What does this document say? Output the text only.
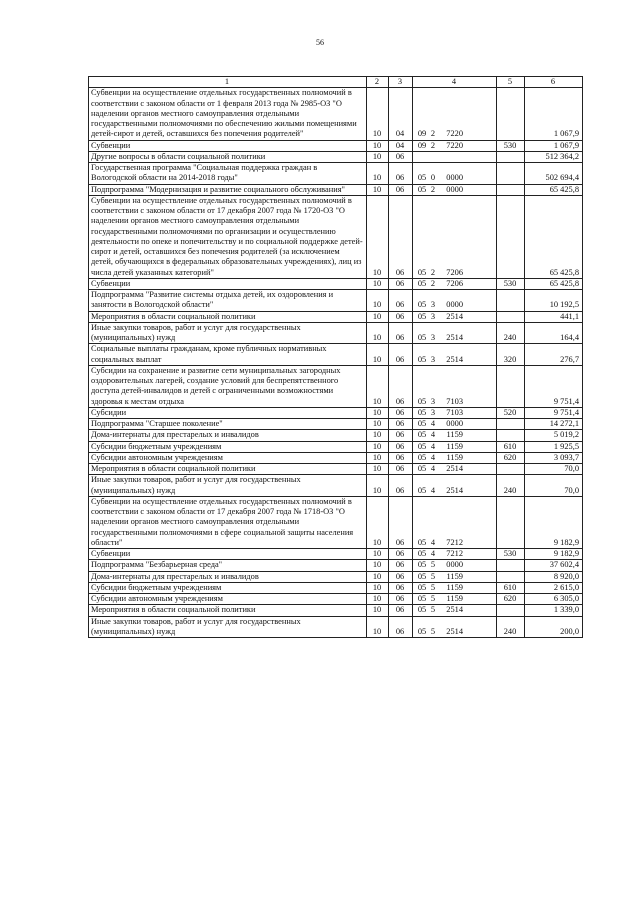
56
1	2	3	4	5	6
Субвенции на осуществление отдельных государственных полномочий в соответствии с законом области от 1 февраля 2013 года № 2985-ОЗ "О наделении органов местного самоуправления отдельными государственными полномочиями по обеспечению жилыми помещениями детей-сирот и детей, оставшихся без попечения родителей"	10	04	09 2 7220		1 067,9
Субвенции	10	04	09 2 7220	530	1 067,9
Другие вопросы в области социальной политики	10	06			512 364,2
Государственная программа "Социальная поддержка граждан в Вологодской области на 2014-2018 годы"	10	06	05 0 0000		502 694,4
Подпрограмма "Модернизация и развитие социального обслуживания"	10	06	05 2 0000		65 425,8
Субвенции на осуществление отдельных государственных полномочий в соответствии с законом области от 17 декабря 2007 года № 1720-ОЗ "О наделении органов местного самоуправления отдельными государственными полномочиями по организации и осуществлению деятельности по опеке и попечительству и по социальной поддержке детей-сирот и детей, оставшихся без попечения родителей (за исключением детей, обучающихся в федеральных образовательных учреждениях), лиц из числа детей указанных категорий"	10	06	05 2 7206		65 425,8
Субвенции	10	06	05 2 7206	530	65 425,8
Подпрограмма "Развитие системы отдыха детей, их оздоровления и занятости в Вологодской области"	10	06	05 3 0000		10 192,5
Мероприятия в области социальной политики	10	06	05 3 2514		441,1
Иные закупки товаров, работ и услуг для государственных (муниципальных) нужд	10	06	05 3 2514	240	164,4
Социальные выплаты гражданам, кроме публичных нормативных социальных выплат	10	06	05 3 2514	320	276,7
Субсидии на сохранение и развитие сети муниципальных загородных оздоровительных лагерей, создание условий для беспрепятственного доступа детей-инвалидов и детей с ограниченными возможностями здоровья к местам отдыха	10	06	05 3 7103		9 751,4
Субсидии	10	06	05 3 7103	520	9 751,4
Подпрограмма "Старшее поколение"	10	06	05 4 0000		14 272,1
Дома-интернаты для престарелых и инвалидов	10	06	05 4 1159		5 019,2
Субсидии бюджетным учреждениям	10	06	05 4 1159	610	1 925,5
Субсидии автономным учреждениям	10	06	05 4 1159	620	3 093,7
Мероприятия в области социальной политики	10	06	05 4 2514		70,0
Иные закупки товаров, работ и услуг для государственных (муниципальных) нужд	10	06	05 4 2514	240	70,0
Субвенции на осуществление отдельных государственных полномочий в соответствии с законом области от 17 декабря 2007 года № 1718-ОЗ "О наделении органов местного самоуправления отдельными государственными полномочиями в сфере социальной защиты населения области"	10	06	05 4 7212		9 182,9
Субвенции	10	06	05 4 7212	530	9 182,9
Подпрограмма "Безбарьерная среда"	10	06	05 5 0000		37 602,4
Дома-интернаты для престарелых и инвалидов	10	06	05 5 1159		8 920,0
Субсидии бюджетным учреждениям	10	06	05 5 1159	610	2 615,0
Субсидии автономным учреждениям	10	06	05 5 1159	620	6 305,0
Мероприятия в области социальной политики	10	06	05 5 2514		1 339,0
Иные закупки товаров, работ и услуг для государственных (муниципальных) нужд	10	06	05 5 2514	240	200,0
